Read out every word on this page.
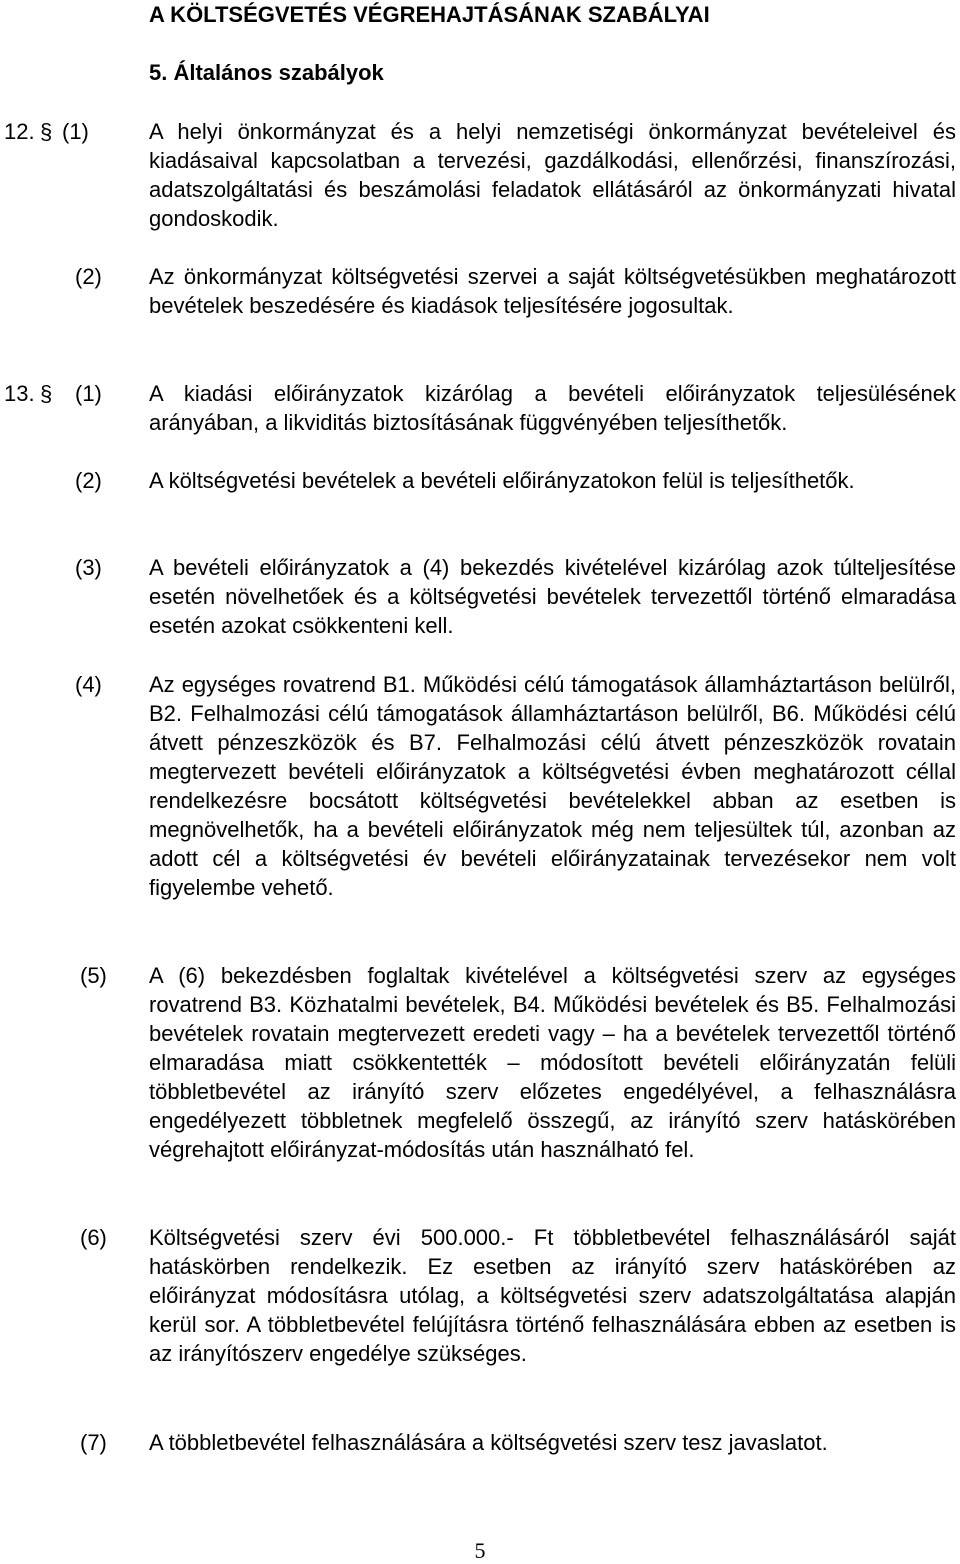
A KÖLTSÉGVETÉS VÉGREHAJTÁSÁNAK SZABÁLYAI
5. Általános szabályok
12. § (1)	A helyi önkormányzat és a helyi nemzetiségi önkormányzat bevételeivel és kiadásaival kapcsolatban a tervezési, gazdálkodási, ellenőrzési, finanszírozási, adatszolgáltatási és beszámolási feladatok ellátásáról az önkormányzati hivatal gondoskodik.
(2) Az önkormányzat költségvetési szervei a saját költségvetésükben meghatározott bevételek beszedésére és kiadások teljesítésére jogosultak.
13. § (1) A kiadási előirányzatok kizárólag a bevételi előirányzatok teljesülésének arányában, a likviditás biztosításának függvényében teljesíthetők.
(2) A költségvetési bevételek a bevételi előirányzatokon felül is teljesíthetők.
(3) A bevételi előirányzatok a (4) bekezdés kivételével kizárólag azok túlteljesítése esetén növelhetőek és a költségvetési bevételek tervezettől történő elmaradása esetén azokat csökkenteni kell.
(4) Az egységes rovatrend B1. Működési célú támogatások államháztartáson belülről, B2. Felhalmozási célú támogatások államháztartáson belülről, B6. Működési célú átvett pénzeszközök és B7. Felhalmozási célú átvett pénzeszközök rovatain megtervezett bevételi előirányzatok a költségvetési évben meghatározott céllal rendelkezésre bocsátott költségvetési bevételekkel abban az esetben is megnövelhetők, ha a bevételi előirányzatok még nem teljesültek túl, azonban az adott cél a költségvetési év bevételi előirányzatainak tervezésekor nem volt figyelembe vehető.
(5) A (6) bekezdésben foglaltak kivételével a költségvetési szerv az egységes rovatrend B3. Közhatalmi bevételek, B4. Működési bevételek és B5. Felhalmozási bevételek rovatain megtervezett eredeti vagy – ha a bevételek tervezettől történő elmaradása miatt csökkentették – módosított bevételi előirányzatán felüli többletbevétel az irányító szerv előzetes engedélyével, a felhasználásra engedélyezett többletnek megfelelő összegű, az irányító szerv hatáskörében végrehajtott előirányzat-módosítás után használható fel.
(6) Költségvetési szerv évi 500.000.- Ft többletbevétel felhasználásáról saját hatáskörben rendelkezik. Ez esetben az irányító szerv hatáskörében az előirányzat módosításra utólag, a költségvetési szerv adatszolgáltatása alapján kerül sor. A többletbevétel felújításra történő felhasználására ebben az esetben is az irányítószerv engedélye szükséges.
(7) A többletbevétel felhasználására a költségvetési szerv tesz javaslatot.
5
